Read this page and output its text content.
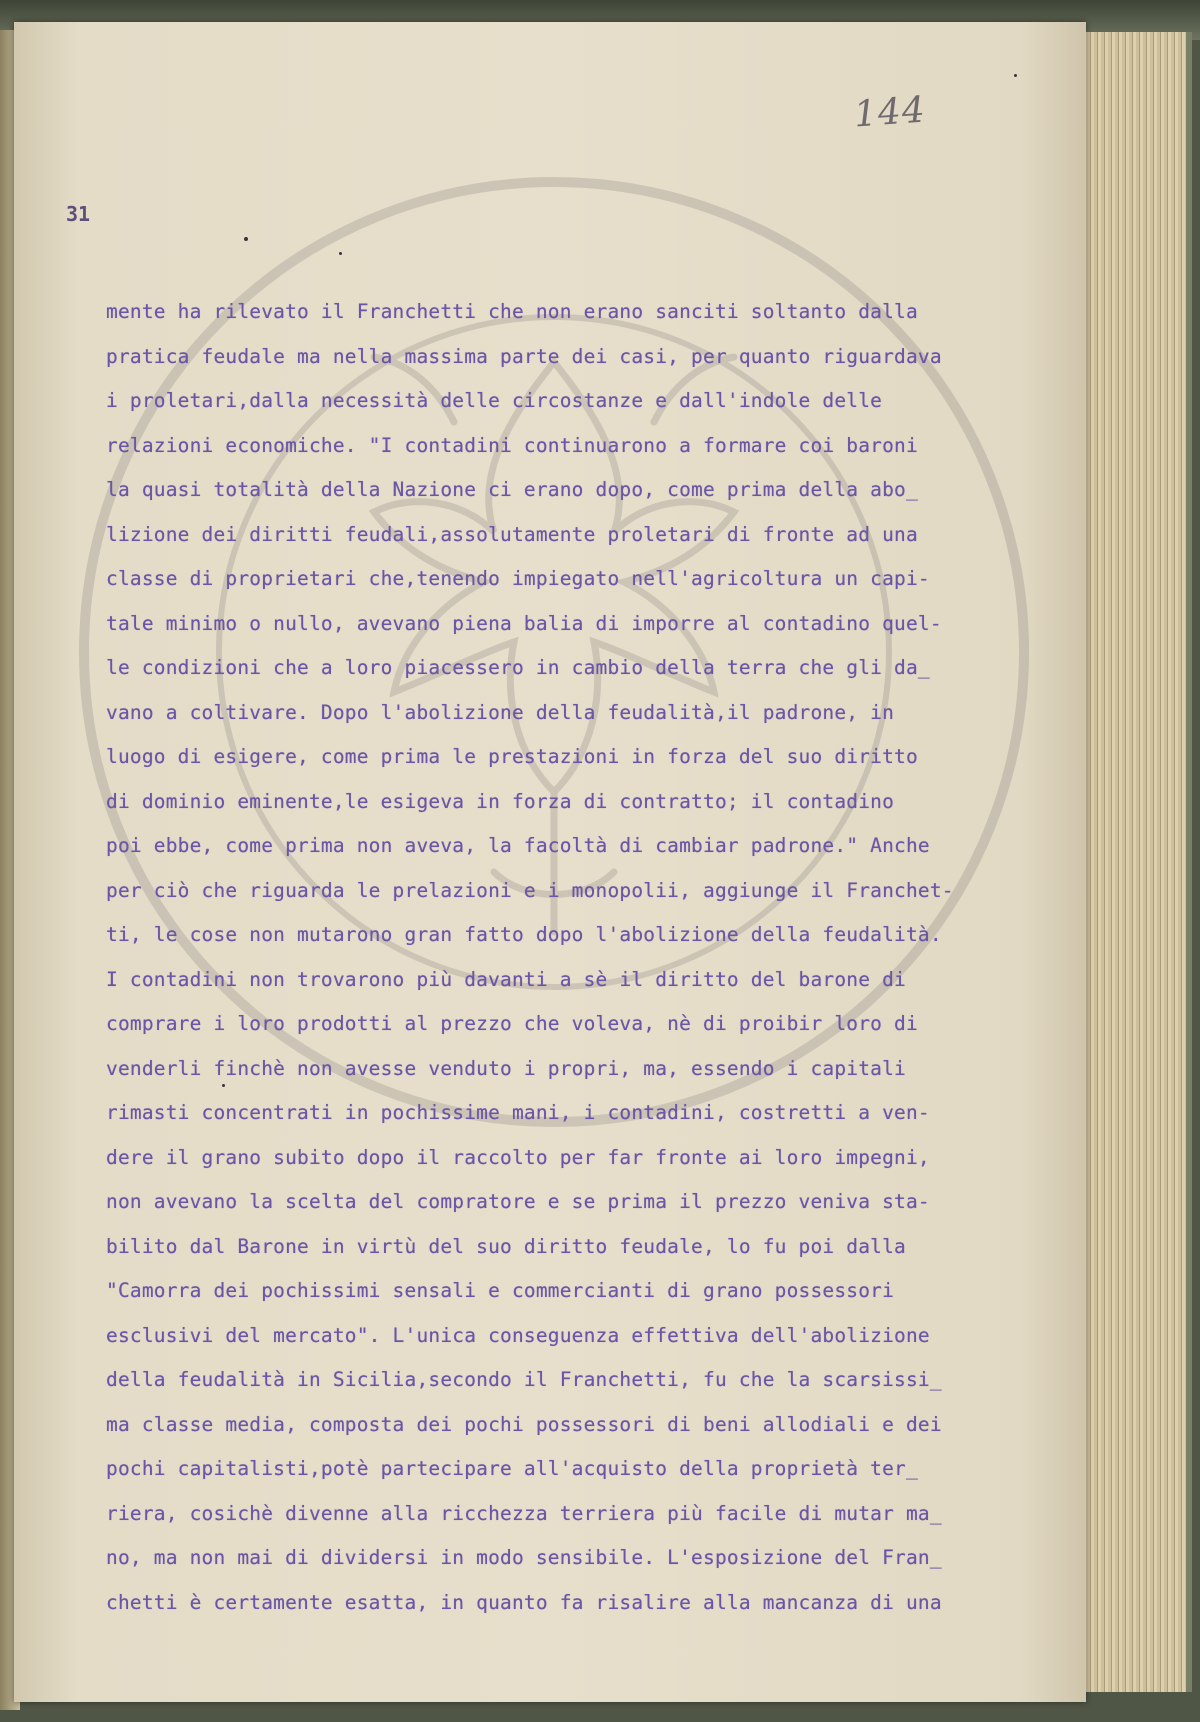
144
31
mente ha rilevato il Franchetti che non erano sanciti soltanto dalla
pratica feudale ma nella massima parte dei casi, per quanto riguardava
i proletari,dalla necessità delle circostanze e dall'indole delle
relazioni economiche. "I contadini continuarono a formare coi baroni
la quasi totalità della Nazione ci erano dopo, come prima della abo_
lizione dei diritti feudali,assolutamente proletari di fronte ad una
classe di proprietari che,tenendo impiegato nell'agricoltura un capi-
tale minimo o nullo, avevano piena balia di imporre al contadino quel-
le condizioni che a loro piacessero in cambio della terra che gli da_
vano a coltivare. Dopo l'abolizione della feudalità,il padrone, in
luogo di esigere, come prima le prestazioni in forza del suo diritto
di dominio eminente,le esigeva in forza di contratto; il contadino
poi ebbe, come prima non aveva, la facoltà di cambiar padrone." Anche
per ciò che riguarda le prelazioni e i monopolii, aggiunge il Franchet-
ti, le cose non mutarono gran fatto dopo l'abolizione della feudalità.
I contadini non trovarono più davanti a sè il diritto del barone di
comprare i loro prodotti al prezzo che voleva, nè di proibir loro di
venderli finchè non avesse venduto i propri, ma, essendo i capitali
rimasti concentrati in pochissime mani, i contadini, costretti a ven-
dere il grano subito dopo il raccolto per far fronte ai loro impegni,
non avevano la scelta del compratore e se prima il prezzo veniva sta-
bilito dal Barone in virtù del suo diritto feudale, lo fu poi dalla
"Camorra dei pochissimi sensali e commercianti di grano possessori
esclusivi del mercato". L'unica conseguenza effettiva dell'abolizione
della feudalità in Sicilia,secondo il Franchetti, fu che la scarsissi_
ma classe media, composta dei pochi possessori di beni allodiali e dei
pochi capitalisti,potè partecipare all'acquisto della proprietà ter_
riera, cosichè divenne alla ricchezza terriera più facile di mutar ma_
no, ma non mai di dividersi in modo sensibile. L'esposizione del Fran_
chetti è certamente esatta, in quanto fa risalire alla mancanza di una
